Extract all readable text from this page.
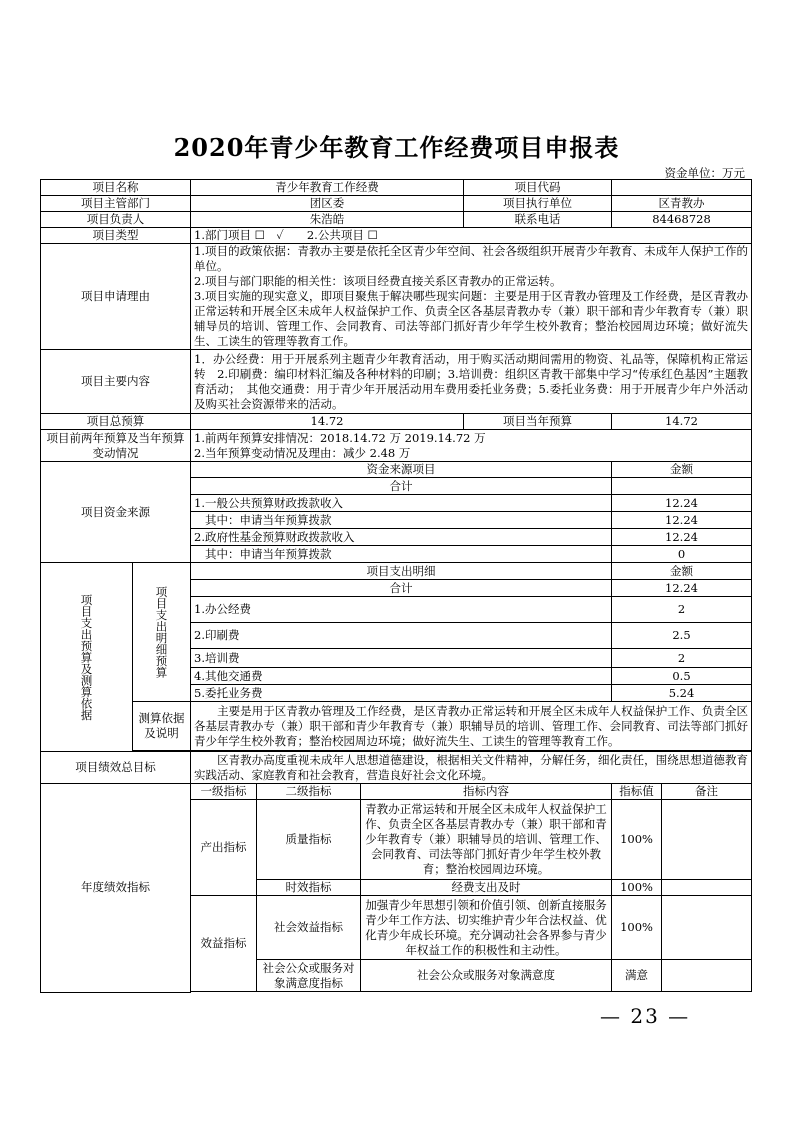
2020年青少年教育工作经费项目申报表
资金单位：万元
项目名称		青少年教育工作经费			项目代码		
项目主管部门		团区委			项目执行单位	区青教办	
项目负责人		朱浩皓			联系电话	84468728	
项目类型		1.部门项目 ☐　✓　　2.公共项目 ☐					
项目申请理由		1.项目的政策依据：青教办主要是依托全区青少年空间、社会各级组织开展青少年教育、未成年人保护工作的单位。
2.项目与部门职能的相关性：该项目经费直接关系区青教办的正常运转。
3.项目实施的现实意义，即项目聚焦于解决哪些现实问题：主要是用于区青教办管理及工作经费，是区青教办正常运转和开展全区未成年人权益保护工作、负责全区各基层青教办专（兼）职干部和青少年教育专（兼）职辅导员的培训、管理工作、会同教育、司法等部门抓好青少年学生校外教育；整治校园周边环境；做好流失生、工读生的管理等教育工作。					

项目主要内容		1．办公经费：用于开展系列主题青少年教育活动，用于购买活动期间需用的物资、礼品等，保障机构正常运转　2.印刷费：编印材料汇编及各种材料的印刷；3.培训费：组织区青教干部集中学习“传承红色基因”主题教育活动；　其他交通费：用于青少年开展活动用车费用委托业务费；5.委托业务费：用于开展青少年户外活动及购买社会资源带来的活动。					
项目总预算		14.72			项目当年预算	14.72	
项目前两年预算及当年预算变动情况		1.前两年预算安排情况：2018.14.72 万 2019.14.72 万
2.当年预算变动情况及理由：减少 2.48 万					

项目资金来源		资金来源项目				金额	
		合计					
		1.一般公共预算财政拨款收入				12.24	
		其中：申请当年预算拨款				12.24	
		2.政府性基金预算财政拨款收入				12.24	
		其中：申请当年预算拨款				0	

项目支出预算及测算依据	项目支出明细预算	项目支出明细				金额	
		合计				12.24	
		1.办公经费				2	
		2.印刷费				2.5	
		3.培训费				2	
		4.其他交通费				0.5	
		5.委托业务费				5.24	
	测算依据及说明	　　主要是用于区青教办管理及工作经费，是区青教办正常运转和开展全区未成年人权益保护工作、负责全区各基层青教办专（兼）职干部和青少年教育专（兼）职辅导员的培训、管理工作、会同教育、司法等部门抓好青少年学生校外教育；整治校园周边环境；做好流失生、工读生的管理等教育工作。					

项目绩效总目标		　　区青教办高度重视未成年人思想道德建设，根据相关文件精神，分解任务，细化责任，围绕思想道德教育实践活动、家庭教育和社会教育，营造良好社会文化环境。					
年度绩效指标		一级指标	二级指标	指标内容		指标值	备注
		产出指标	质量指标	青教办正常运转和开展全区未成年人权益保护工作、负责全区各基层青教办专（兼）职干部和青少年教育专（兼）职辅导员的培训、管理工作、会同教育、司法等部门抓好青少年学生校外教育；整治校园周边环境。		100%	
			时效指标	经费支出及时		100%	
		效益指标	社会效益指标	加强青少年思想引领和价值引领、创新直接服务青少年工作方法、切实维护青少年合法权益、优化青少年成长环境。充分调动社会各界参与青少年权益工作的积极性和主动性。		100%	
			社会公众或服务对象满意度指标	社会公众或服务对象满意度		满意	

— 23 —
